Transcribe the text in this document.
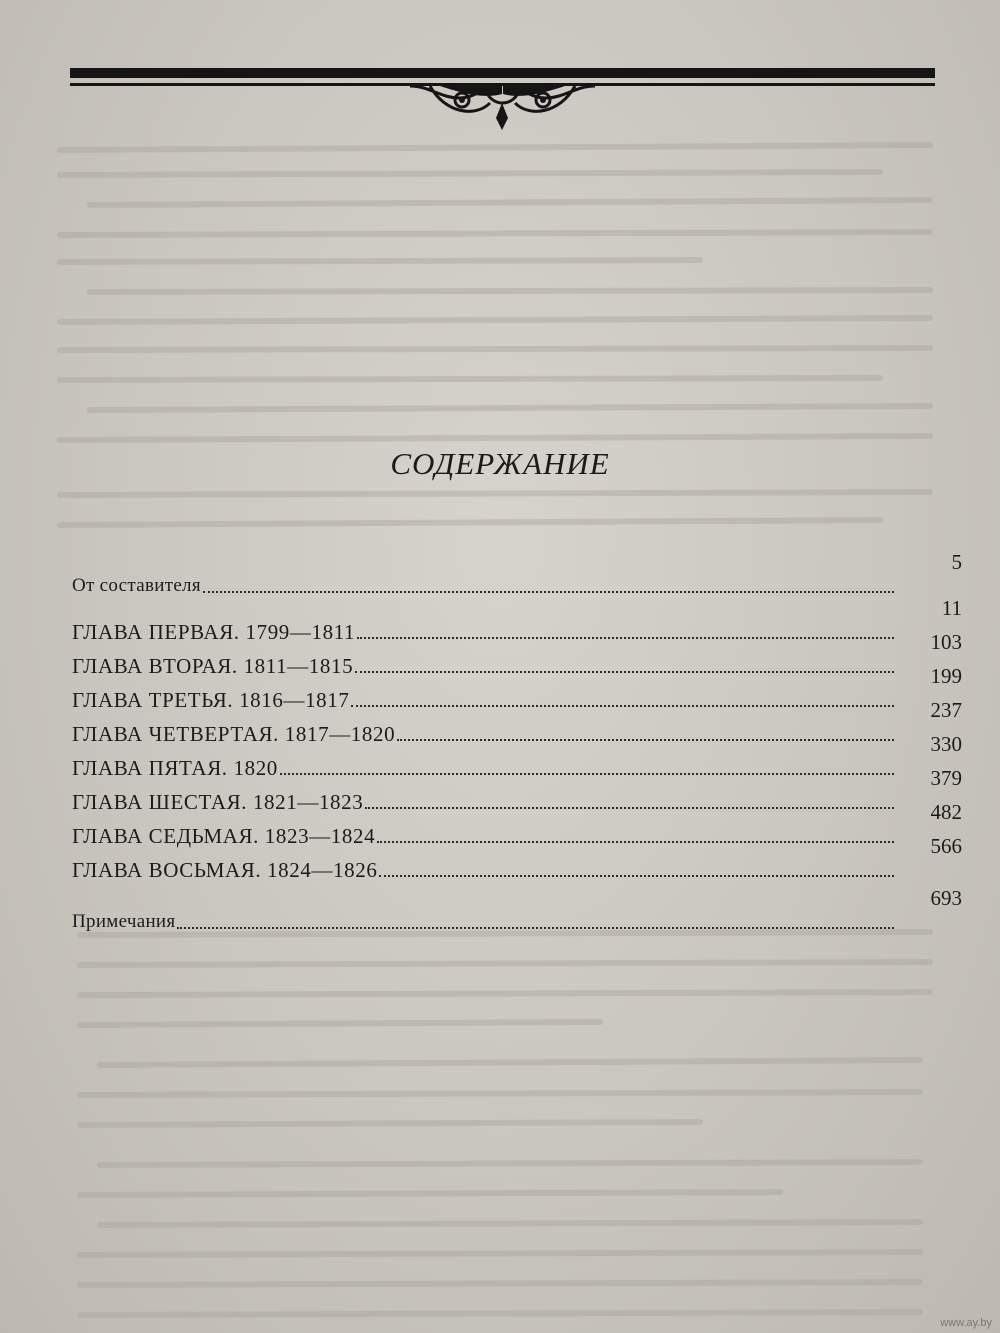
СОДЕРЖАНИЕ
От составителя
5
ГЛАВА ПЕРВАЯ. 1799—1811
11
ГЛАВА ВТОРАЯ. 1811—1815
103
ГЛАВА ТРЕТЬЯ. 1816—1817
199
ГЛАВА ЧЕТВЕРТАЯ. 1817—1820
237
ГЛАВА ПЯТАЯ. 1820
330
ГЛАВА ШЕСТАЯ. 1821—1823
379
ГЛАВА СЕДЬМАЯ. 1823—1824
482
ГЛАВА ВОСЬМАЯ. 1824—1826
566
Примечания
693
www.ay.by
